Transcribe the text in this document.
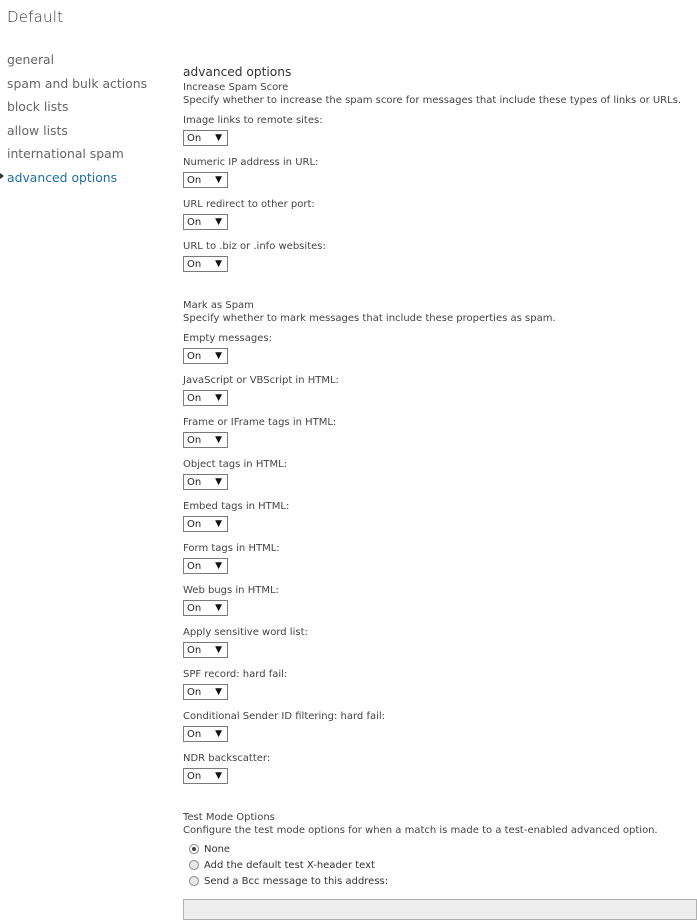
Default
general
spam and bulk actions
block lists
allow lists
international spam
advanced options
advanced options
Increase Spam Score
Specify whether to increase the spam score for messages that include these types of links or URLs.
Image links to remote sites:
On ▼
Numeric IP address in URL:
On ▼
URL redirect to other port:
On ▼
URL to .biz or .info websites:
On ▼
Mark as Spam
Specify whether to mark messages that include these properties as spam.
Empty messages:
On ▼
JavaScript or VBScript in HTML:
On ▼
Frame or IFrame tags in HTML:
On ▼
Object tags in HTML:
On ▼
Embed tags in HTML:
On ▼
Form tags in HTML:
On ▼
Web bugs in HTML:
On ▼
Apply sensitive word list:
On ▼
SPF record: hard fail:
On ▼
Conditional Sender ID filtering: hard fail:
On ▼
NDR backscatter:
On ▼
Test Mode Options
Configure the test mode options for when a match is made to a test-enabled advanced option.
None
Add the default test X-header text
Send a Bcc message to this address:
